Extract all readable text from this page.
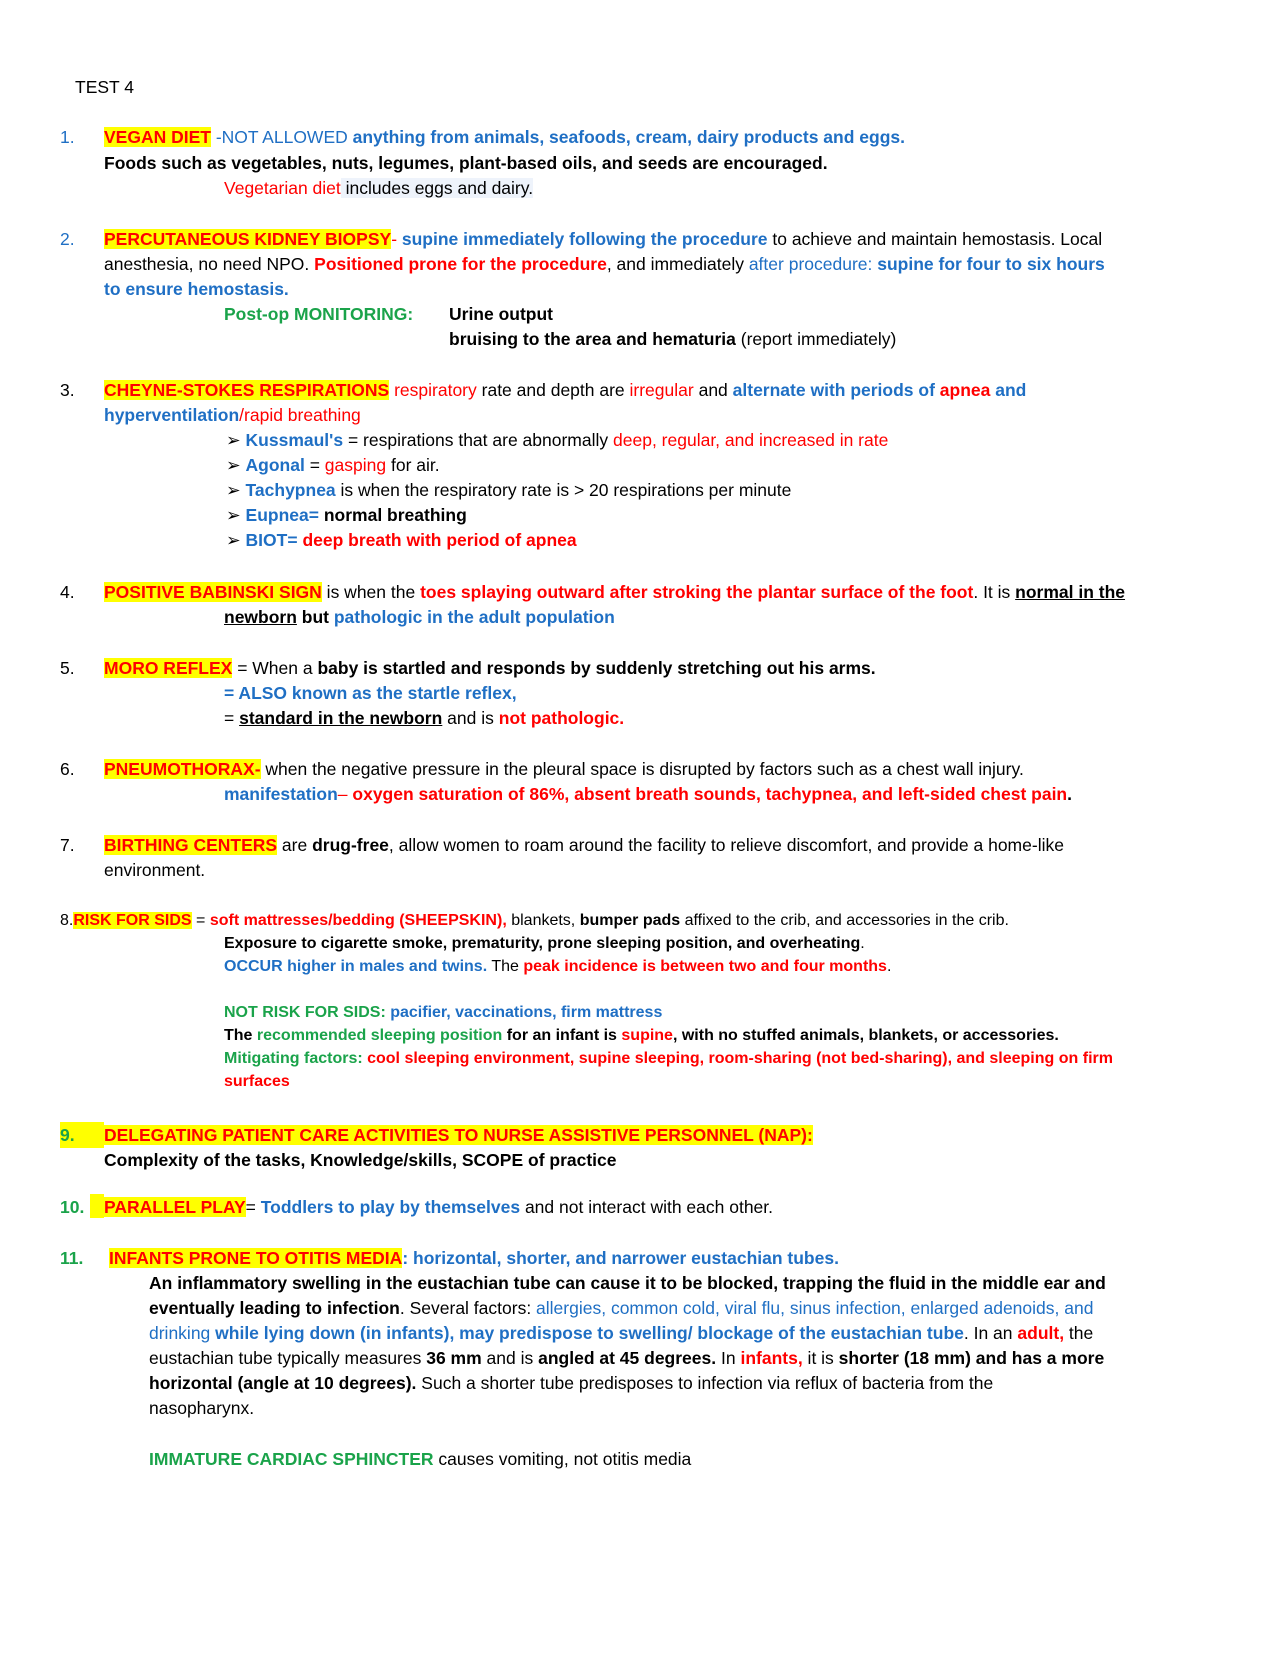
TEST 4
1. VEGAN DIET -NOT ALLOWED anything from animals, seafoods, cream, dairy products and eggs.
Foods such as vegetables, nuts, legumes, plant-based oils, and seeds are encouraged.
Vegetarian diet includes eggs and dairy.
2. PERCUTANEOUS KIDNEY BIOPSY- supine immediately following the procedure to achieve and maintain hemostasis. Local
anesthesia, no need NPO. Positioned prone for the procedure, and immediately after procedure: supine for four to six hours
to ensure hemostasis.
Post-op MONITORING: Urine output
bruising to the area and hematuria (report immediately)
3. CHEYNE-STOKES RESPIRATIONS respiratory rate and depth are irregular and alternate with periods of apnea and
hyperventilation/rapid breathing
➢ Kussmaul's = respirations that are abnormally deep, regular, and increased in rate
➢ Agonal = gasping for air.
➢ Tachypnea is when the respiratory rate is > 20 respirations per minute
➢ Eupnea= normal breathing
➢ BIOT= deep breath with period of apnea
4. POSITIVE BABINSKI SIGN is when the toes splaying outward after stroking the plantar surface of the foot. It is normal in the
newborn but pathologic in the adult population
5. MORO REFLEX = When a baby is startled and responds by suddenly stretching out his arms.
= ALSO known as the startle reflex,
= standard in the newborn and is not pathologic.
6. PNEUMOTHORAX- when the negative pressure in the pleural space is disrupted by factors such as a chest wall injury.
manifestation– oxygen saturation of 86%, absent breath sounds, tachypnea, and left-sided chest pain.
7. BIRTHING CENTERS are drug-free, allow women to roam around the facility to relieve discomfort, and provide a home-like
environment.
8.RISK FOR SIDS = soft mattresses/bedding (SHEEPSKIN), blankets, bumper pads affixed to the crib, and accessories in the crib.
Exposure to cigarette smoke, prematurity, prone sleeping position, and overheating.
OCCUR higher in males and twins. The peak incidence is between two and four months.
NOT RISK FOR SIDS: pacifier, vaccinations, firm mattress
The recommended sleeping position for an infant is supine, with no stuffed animals, blankets, or accessories.
Mitigating factors: cool sleeping environment, supine sleeping, room-sharing (not bed-sharing), and sleeping on firm
surfaces
9.	DELEGATING PATIENT CARE ACTIVITIES TO NURSE ASSISTIVE PERSONNEL (NAP):
Complexity of the tasks, Knowledge/skills, SCOPE of practice
10. PARALLEL PLAY= Toddlers to play by themselves and not interact with each other.
11. INFANTS PRONE TO OTITIS MEDIA: horizontal, shorter, and narrower eustachian tubes.
An inflammatory swelling in the eustachian tube can cause it to be blocked, trapping the fluid in the middle ear and
eventually leading to infection. Several factors: allergies, common cold, viral flu, sinus infection, enlarged adenoids, and
drinking while lying down (in infants), may predispose to swelling/ blockage of the eustachian tube. In an adult, the
eustachian tube typically measures 36 mm and is angled at 45 degrees. In infants, it is shorter (18 mm) and has a more
horizontal (angle at 10 degrees). Such a shorter tube predisposes to infection via reflux of bacteria from the
nasopharynx.
IMMATURE CARDIAC SPHINCTER causes vomiting, not otitis media
